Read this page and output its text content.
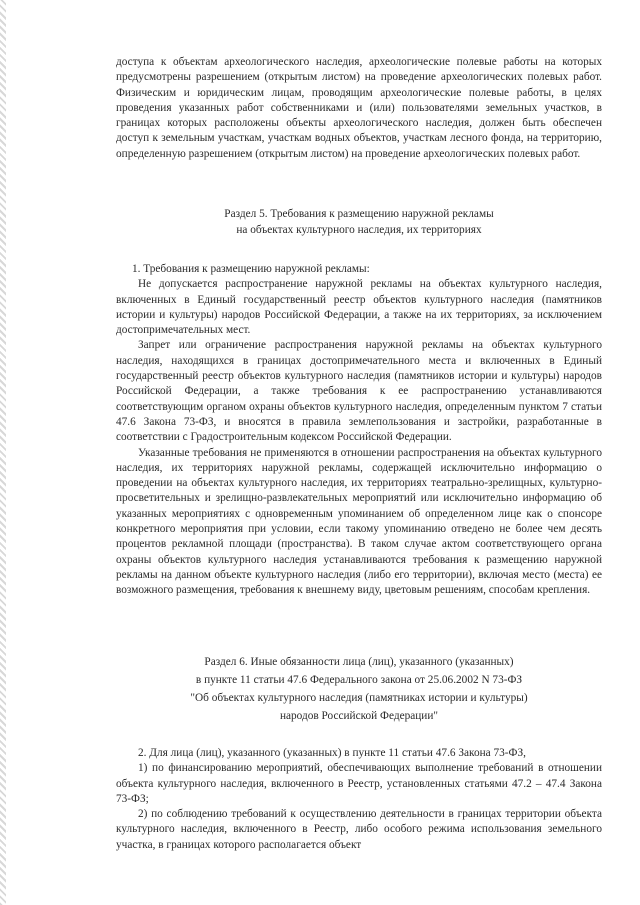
доступа к объектам археологического наследия, археологические полевые работы на которых предусмотрены разрешением (открытым листом) на проведение археологических полевых работ. Физическим и юридическим лицам, проводящим археологические полевые работы, в целях проведения указанных работ собственниками и (или) пользователями земельных участков, в границах которых расположены объекты археологического наследия, должен быть обеспечен доступ к земельным участкам, участкам водных объектов, участкам лесного фонда, на территорию, определенную разрешением (открытым листом) на проведение археологических полевых работ.

Раздел 5. Требования к размещению наружной рекламы

на объектах культурного наследия, их территориях

1. Требования к размещению наружной рекламы:

Не допускается распространение наружной рекламы на объектах культурного наследия, включенных в Единый государственный реестр объектов культурного наследия (памятников истории и культуры) народов Российской Федерации, а также на их территориях, за исключением достопримечательных мест.

Запрет или ограничение распространения наружной рекламы на объектах культурного наследия, находящихся в границах достопримечательного места и включенных в Единый государственный реестр объектов культурного наследия (памятников истории и культуры) народов Российской Федерации, а также требования к ее распространению устанавливаются соответствующим органом охраны объектов культурного наследия, определенным пунктом 7 статьи 47.6 Закона 73-ФЗ, и вносятся в правила землепользования и застройки, разработанные в соответствии с Градостроительным кодексом Российской Федерации.

Указанные требования не применяются в отношении распространения на объектах культурного наследия, их территориях наружной рекламы, содержащей исключительно информацию о проведении на объектах культурного наследия, их территориях театрально-зрелищных, культурно-просветительных и зрелищно-развлекательных мероприятий или исключительно информацию об указанных мероприятиях с одновременным упоминанием об определенном лице как о спонсоре конкретного мероприятия при условии, если такому упоминанию отведено не более чем десять процентов рекламной площади (пространства). В таком случае актом соответствующего органа охраны объектов культурного наследия устанавливаются требования к размещению наружной рекламы на данном объекте культурного наследия (либо его территории), включая место (места) ее возможного размещения, требования к внешнему виду, цветовым решениям, способам крепления.

Раздел 6. Иные обязанности лица (лиц), указанного (указанных)

в пункте 11 статьи 47.6 Федерального закона от 25.06.2002 N 73-ФЗ

"Об объектах культурного наследия (памятниках истории и культуры)

народов Российской Федерации"

2. Для лица (лиц), указанного (указанных) в пункте 11 статьи 47.6 Закона 73-ФЗ,

1) по финансированию мероприятий, обеспечивающих выполнение требований в отношении объекта культурного наследия, включенного в Реестр, установленных статьями 47.2 – 47.4 Закона 73-ФЗ;

2) по соблюдению требований к осуществлению деятельности в границах территории объекта культурного наследия, включенного в Реестр, либо особого режима использования земельного участка, в границах которого располагается объект
